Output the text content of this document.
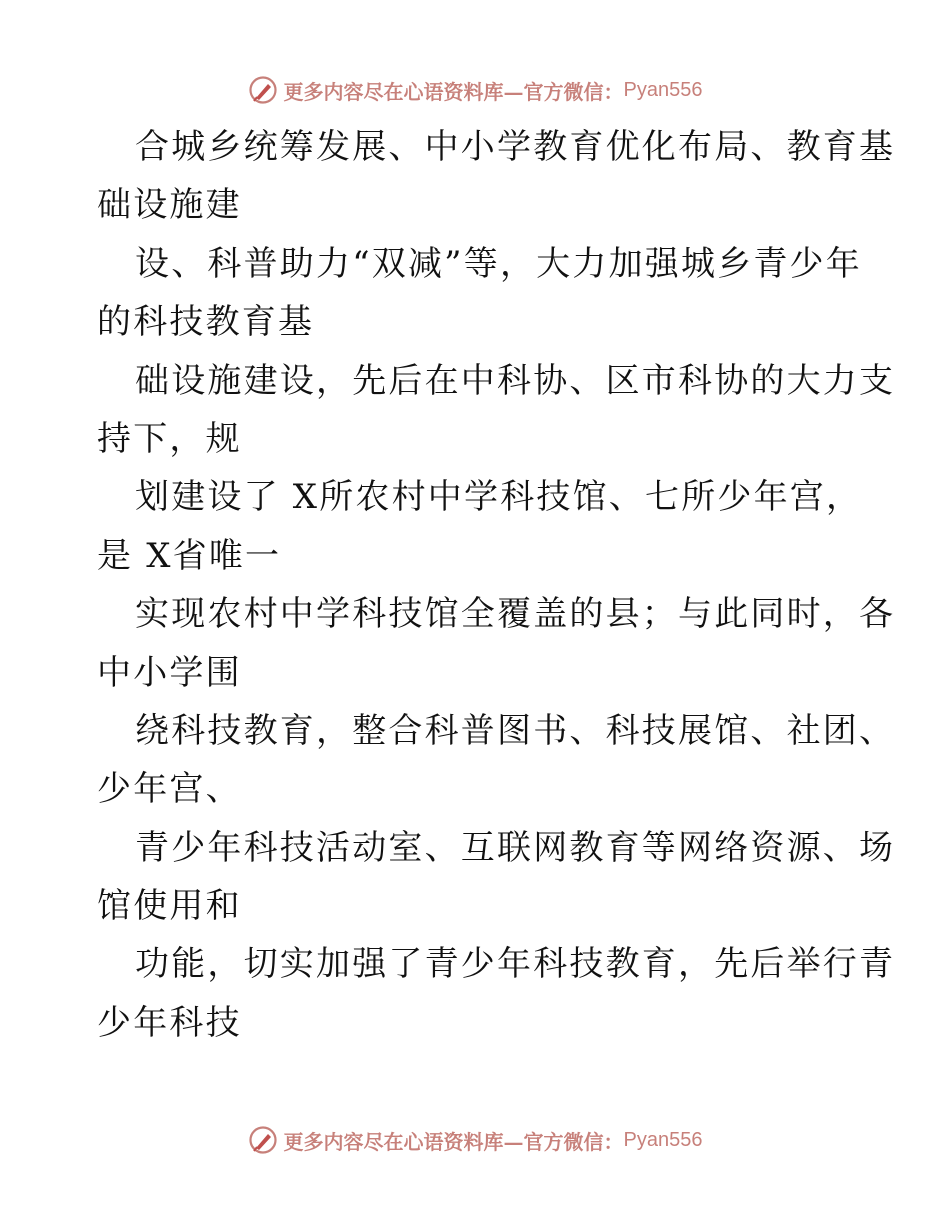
更多内容尽在心语资料库—官方微信： Pyan556
合城乡统筹发展、中小学教育优化布局、教育基
础设施建
设、科普助力“双减”等，大力加强城乡青少年
的科技教育基
础设施建设，先后在中科协、区市科协的大力支
持下，规
划建设了 X所农村中学科技馆、七所少年宫，
是 X省唯一
实现农村中学科技馆全覆盖的县；与此同时，各
中小学围
绕科技教育，整合科普图书、科技展馆、社团、
少年宫、
青少年科技活动室、互联网教育等网络资源、场
馆使用和
功能，切实加强了青少年科技教育，先后举行青
少年科技
更多内容尽在心语资料库—官方微信： Pyan556
